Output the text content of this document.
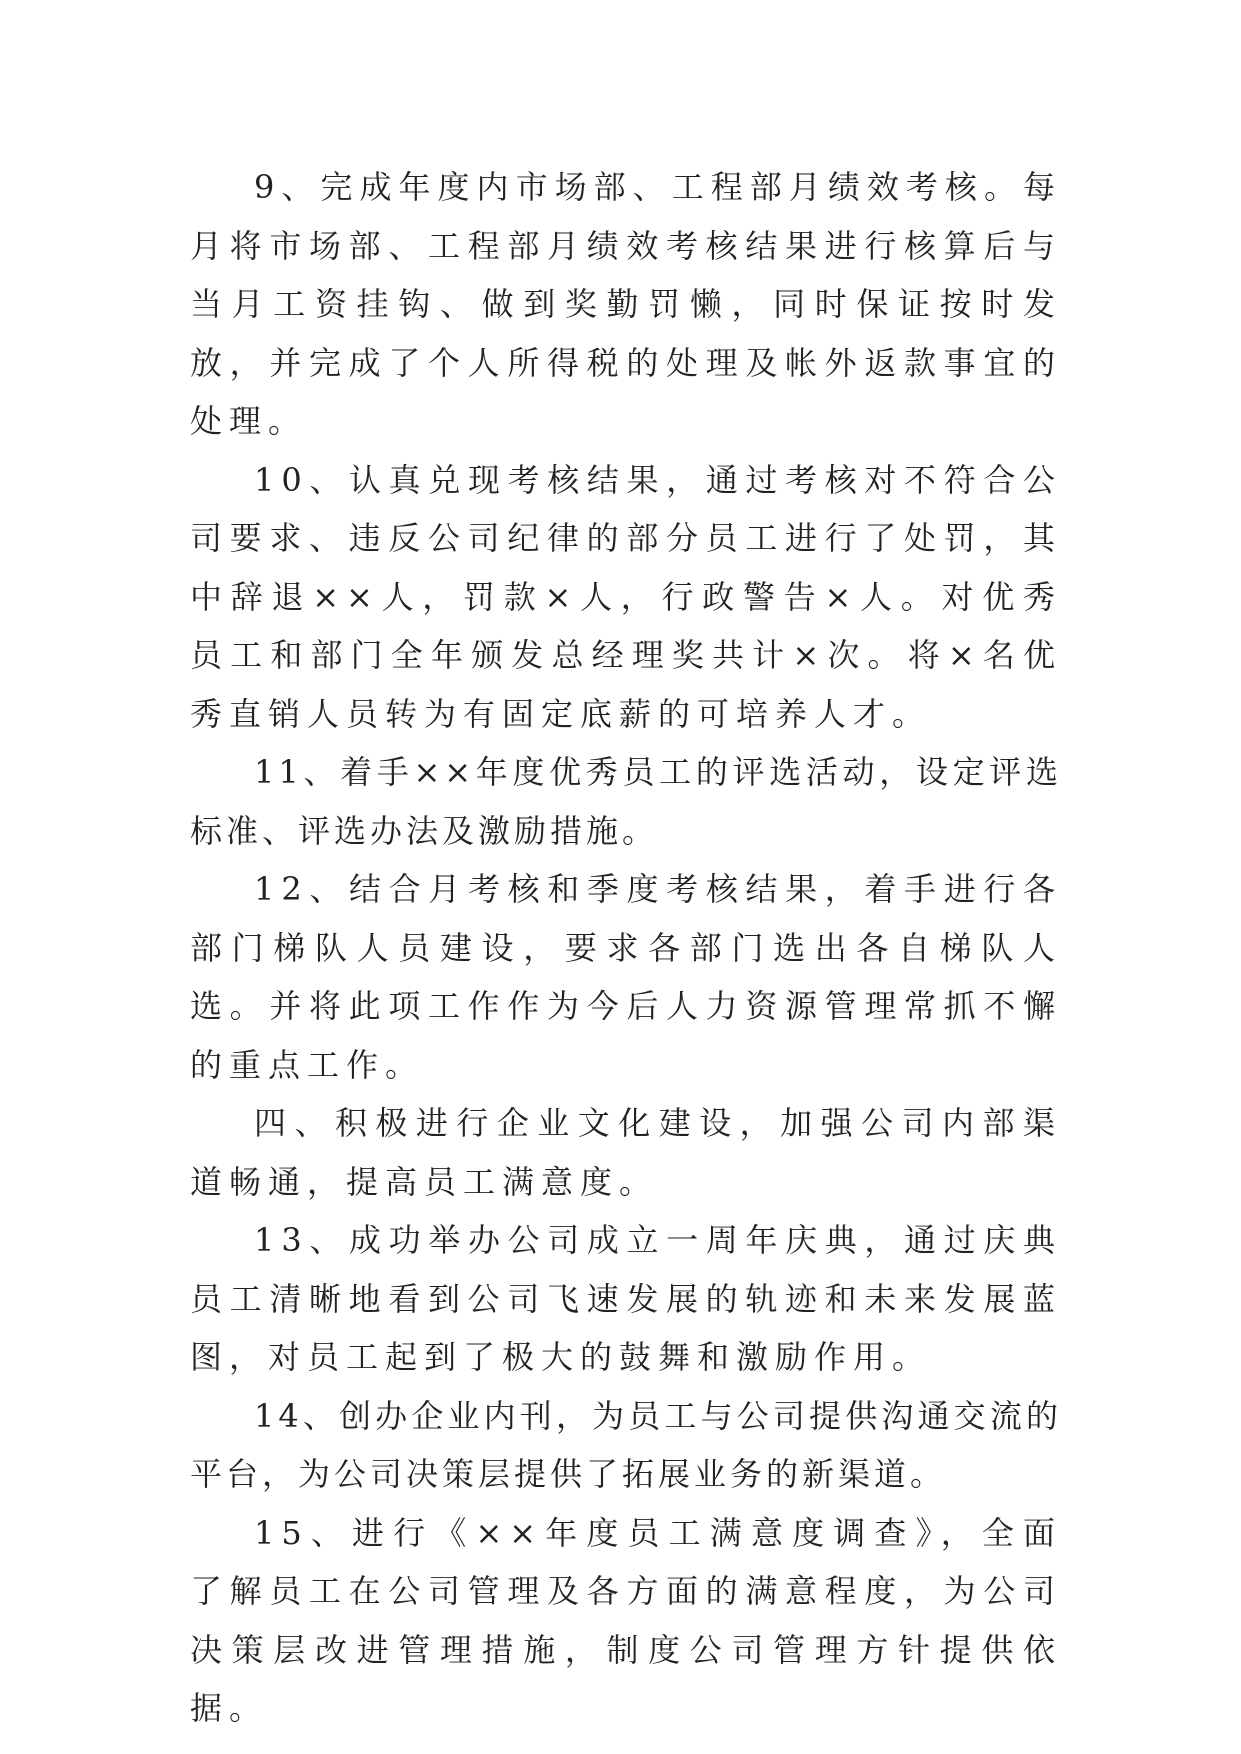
9、完成年度内市场部、工程部月绩效考核。每月将市场部、工程部月绩效考核结果进行核算后与当月工资挂钩、做到奖勤罚懒，同时保证按时发放，并完成了个人所得税的处理及帐外返款事宜的处理。

10、认真兑现考核结果，通过考核对不符合公司要求、违反公司纪律的部分员工进行了处罚，其中辞退××人，罚款×人，行政警告×人。对优秀员工和部门全年颁发总经理奖共计×次。将×名优秀直销人员转为有固定底薪的可培养人才。

11、着手××年度优秀员工的评选活动，设定评选标准、评选办法及激励措施。

12、结合月考核和季度考核结果，着手进行各部门梯队人员建设，要求各部门选出各自梯队人选。并将此项工作作为今后人力资源管理常抓不懈的重点工作。

四、积极进行企业文化建设，加强公司内部渠道畅通，提高员工满意度。

13、成功举办公司成立一周年庆典，通过庆典员工清晰地看到公司飞速发展的轨迹和未来发展蓝图，对员工起到了极大的鼓舞和激励作用。

14、创办企业内刊，为员工与公司提供沟通交流的平台，为公司决策层提供了拓展业务的新渠道。

15、进行《××年度员工满意度调查》，全面了解员工在公司管理及各方面的满意程度，为公司决策层改进管理措施，制度公司管理方针提供依据。
